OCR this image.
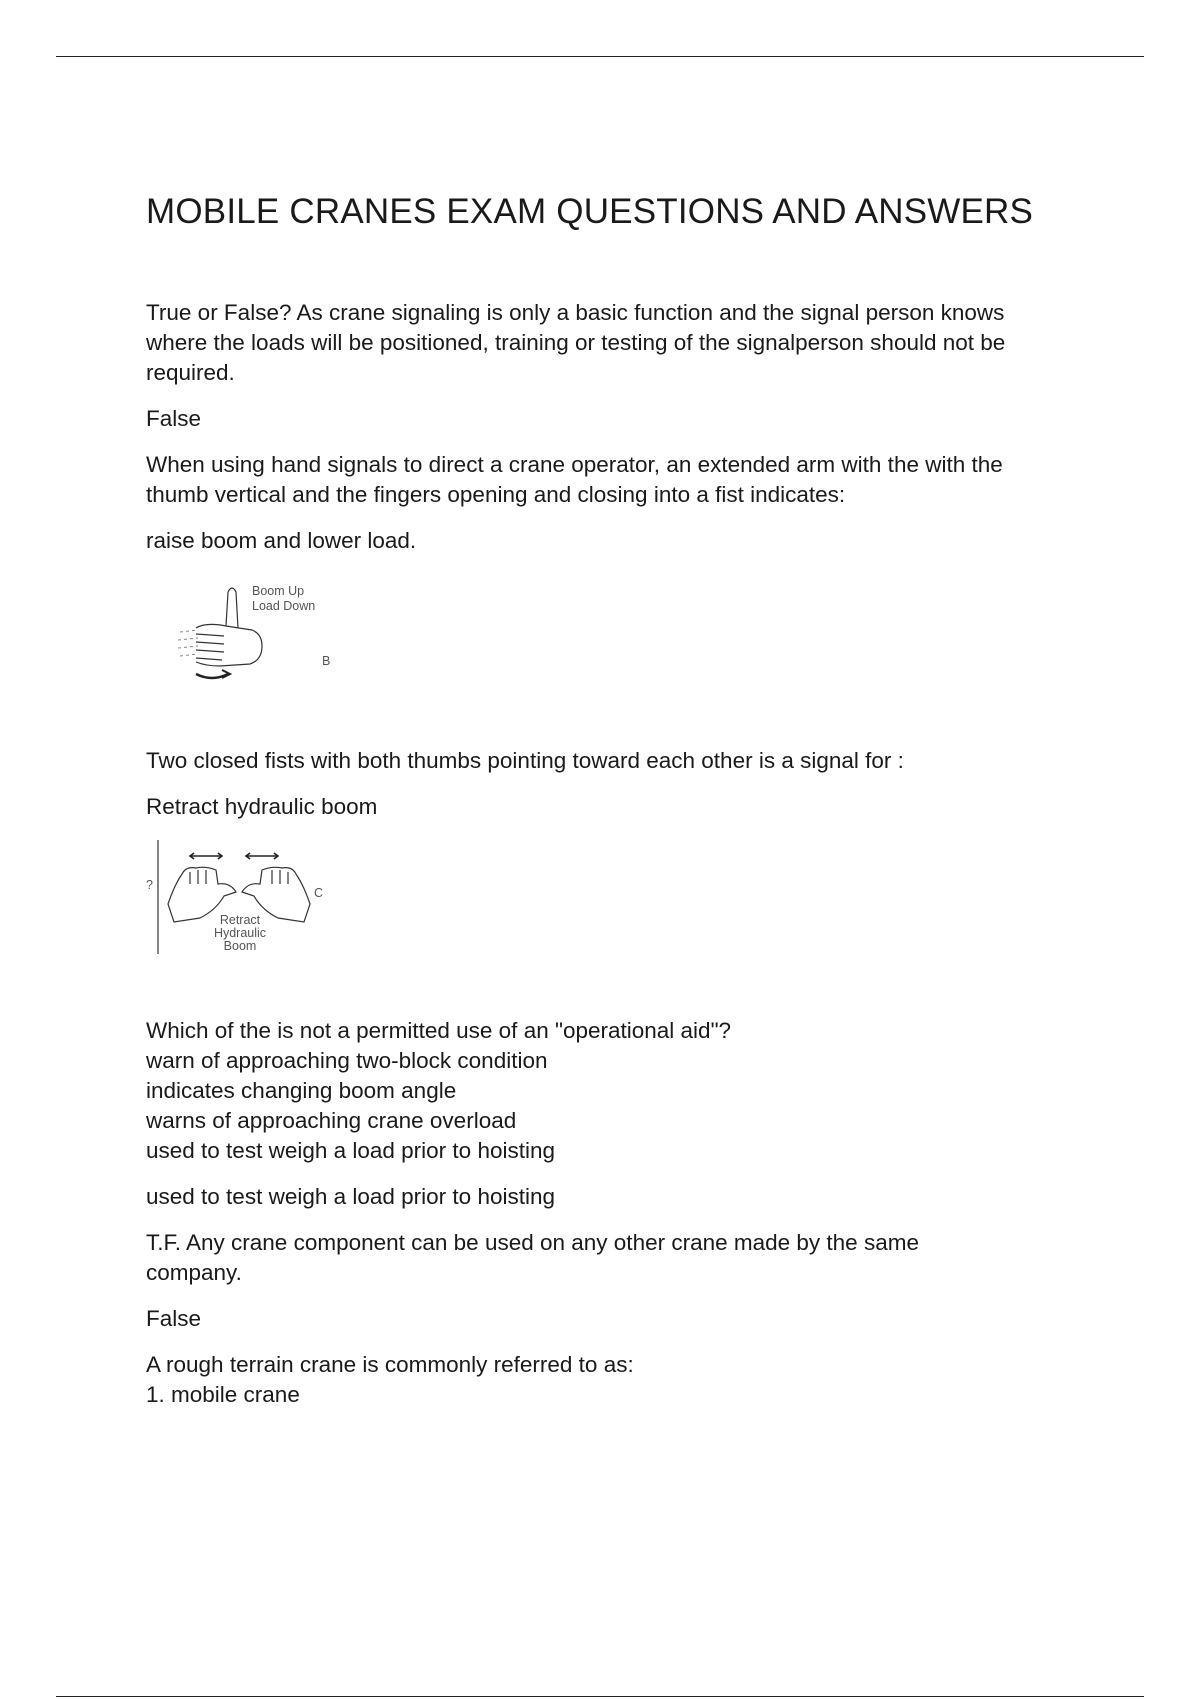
MOBILE CRANES EXAM QUESTIONS AND ANSWERS
True or False? As crane signaling is only a basic function and the signal person knows
where the loads will be positioned, training or testing of the signalperson should not be
required.
False
When using hand signals to direct a crane operator, an extended arm with the with the
thumb vertical and the fingers opening and closing into a fist indicates:
raise boom and lower load.
Boom Up
Load Down
B
Two closed fists with both thumbs pointing toward each other is a signal for :
Retract hydraulic boom
?
C
Retract
Hydraulic
Boom
Which of the is not a permitted use of an "operational aid"?
warn of approaching two-block condition
indicates changing boom angle
warns of approaching crane overload
used to test weigh a load prior to hoisting
used to test weigh a load prior to hoisting
T.F. Any crane component can be used on any other crane made by the same
company.
False
A rough terrain crane is commonly referred to as:
1. mobile crane
